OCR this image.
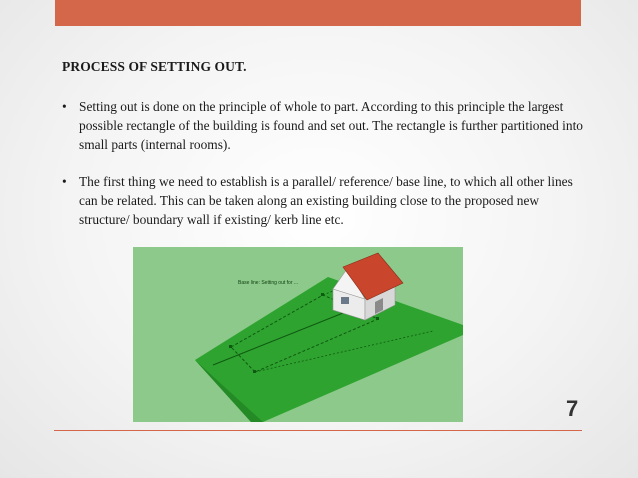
PROCESS OF SETTING OUT.
• Setting out is done on the principle of whole to part. According to this principle the largest possible rectangle of the building is found and set out. The rectangle is further partitioned into small parts (internal rooms).
• The first thing we need to establish is a parallel/ reference/ base line, to which all other lines can be related. This can be taken along an existing building close to the proposed new structure/ boundary wall if existing/ kerb line etc.
Base line: Setting out for ...
7
